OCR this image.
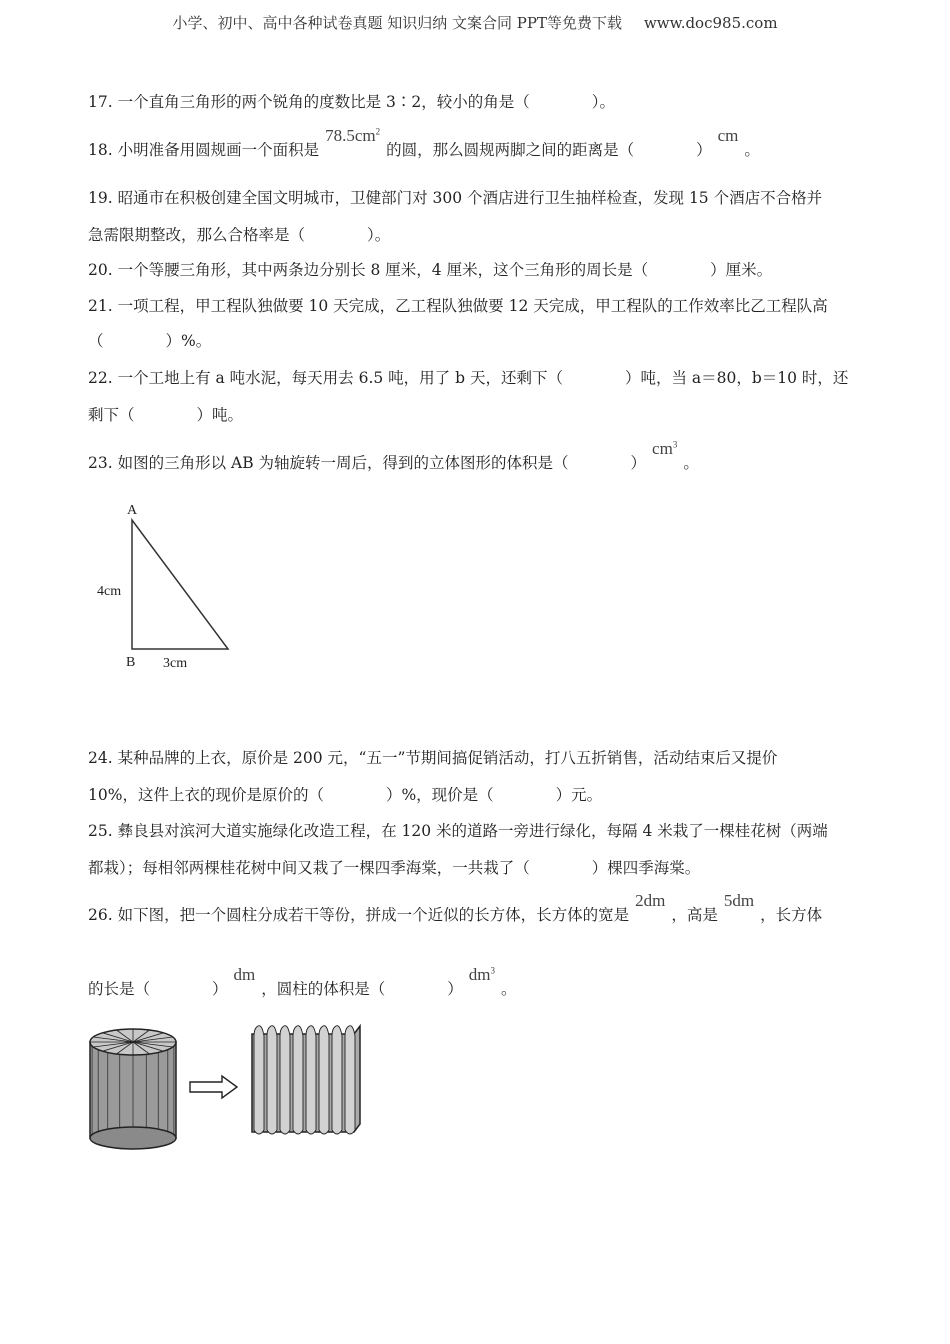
小学、初中、高中各种试卷真题 知识归纳 文案合同 PPT等免费下载 www.doc985.com
17. 一个直角三角形的两个锐角的度数比是 3∶2，较小的角是（　　　　）。
18. 小明准备用圆规画一个面积是$78.5cm^2$的圆，那么圆规两脚之间的距离是（　　　　）cm。
19. 昭通市在积极创建全国文明城市，卫健部门对 300 个酒店进行卫生抽样检查，发现 15 个酒店不合格并
急需限期整改，那么合格率是（　　　　）。
20. 一个等腰三角形，其中两条边分别长 8 厘米，4 厘米，这个三角形的周长是（　　　　）厘米。
21. 一项工程，甲工程队独做要 10 天完成，乙工程队独做要 12 天完成，甲工程队的工作效率比乙工程队高
（　　　　）%。
22. 一个工地上有 a 吨水泥，每天用去 6.5 吨，用了 b 天，还剩下（　　　　）吨，当 a＝80，b＝10 时，还
剩下（　　　　）吨。
23. 如图的三角形以 AB 为轴旋转一周后，得到的立体图形的体积是（　　　　）$cm^3$。
A
B
4cm
3cm
24. 某种品牌的上衣，原价是 200 元，“五一”节期间搞促销活动，打八五折销售，活动结束后又提价
10%，这件上衣的现价是原价的（　　　　）%，现价是（　　　　）元。
25. 彝良县对滨河大道实施绿化改造工程，在 120 米的道路一旁进行绿化，每隔 4 米栽了一棵桂花树（两端
都栽）；每相邻两棵桂花树中间又栽了一棵四季海棠，一共栽了（　　　　）棵四季海棠。
26. 如下图，把一个圆柱分成若干等份，拼成一个近似的长方体，长方体的宽是2dm，高是5dm，长方体
的长是（　　　　）dm，圆柱的体积是（　　　　）$dm^3$。
